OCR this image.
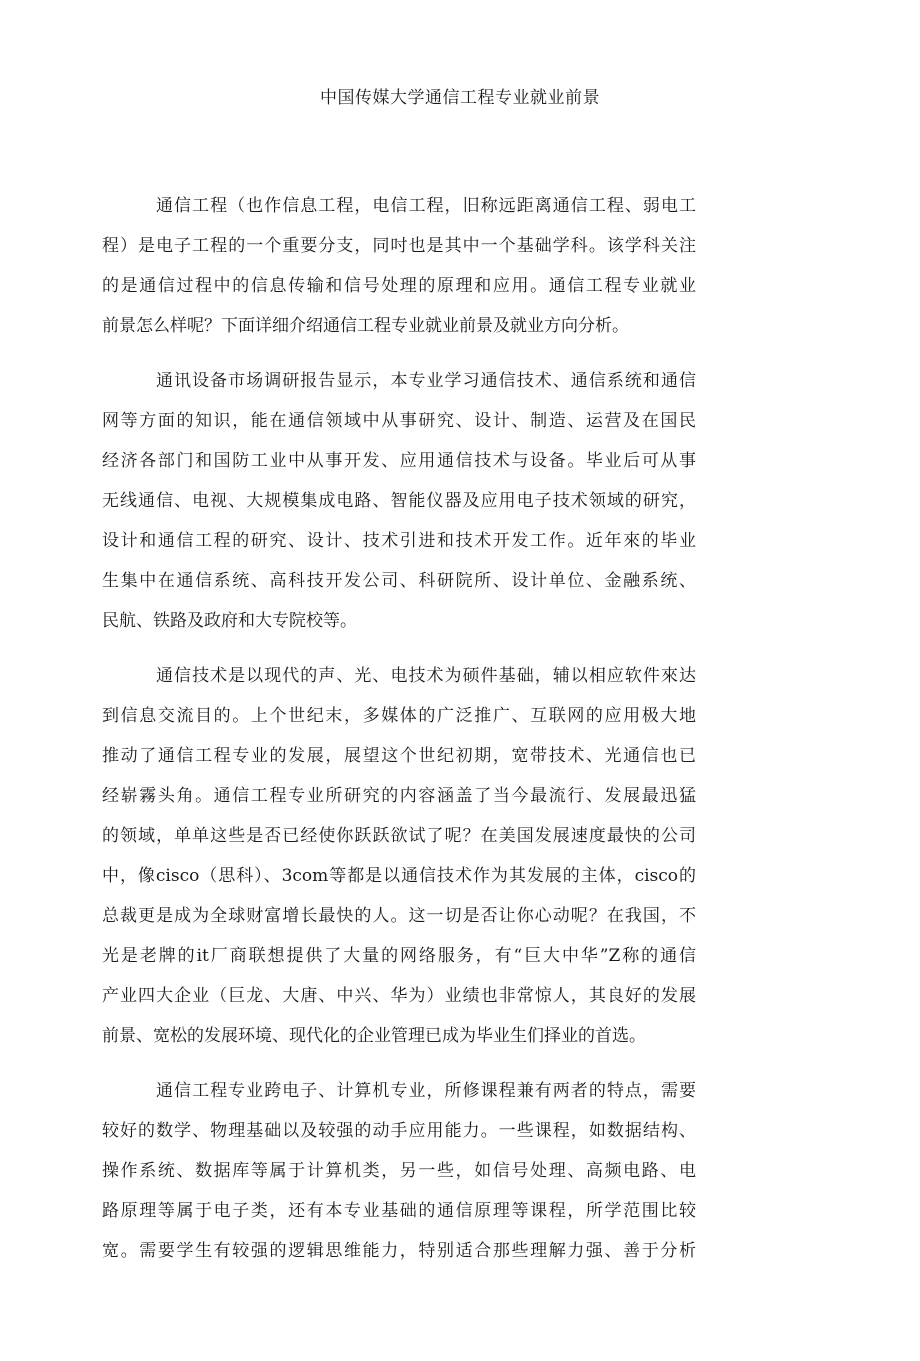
中国传媒大学通信工程专业就业前景
通信工程（也作信息工程，电信工程，旧称远距离通信工程、弱电工
程）是电子工程的一个重要分支，同吋也是其中一个基础学科。该学科关注
的是通信过程中的信息传输和信号处理的原理和应用。通信工程专业就业
前景怎么样呢？下面详细介绍通信工程专业就业前景及就业方向分析。
通讯设备市场调研报告显示，本专业学习通信技术、通信系统和通信
网等方面的知识，能在通信领域中从事研究、设计、制造、运营及在国民
经济各部门和国防工业中从事开发、应用通信技术与设备。毕业后可从事
无线通信、电视、大规模集成电路、智能仪器及应用电子技术领域的研究，
设计和通信工程的研究、设计、技术引进和技术开发工作。近年來的毕业
生集中在通信系统、高科技开发公司、科研院所、设计单位、金融系统、
民航、铁路及政府和大专院校等。
通信技术是以现代的声、光、电技术为硕件基础，辅以相应软件來达
到信息交流目的。上个世纪末，多媒体的广泛推广、互联网的应用极大地
推动了通信工程专业的发展，展望这个世纪初期，宽带技术、光通信也已
经崭霧头角。通信工程专业所研究的内容涵盖了当今最流行、发展最迅猛
的领域，单单这些是否已经使你跃跃欲试了呢？在美国发展速度最快的公司
中，像cisco（思科）、3com等都是以通信技术作为其发展的主体，cisco的
总裁更是成为全球财富增长最快的人。这一切是否让你心动呢？在我国，不
光是老牌的it厂商联想提供了大量的网络服务，有“巨大中华”Z称的通信
产业四大企业（巨龙、大唐、中兴、华为）业绩也非常惊人，其良好的发展
前景、宽松的发展环境、现代化的企业管理已成为毕业生们择业的首选。
通信工程专业跨电子、计算机专业，所修课程兼有两者的特点，需要
较好的数学、物理基础以及较强的动手应用能力。一些课程，如数据结构、
操作系统、数据库等属于计算机类，另一些，如信号处理、高频电路、电
路原理等属于电子类，还有本专业基础的通信原理等课程，所学范围比较
宽。需要学生有较强的逻辑思维能力，特别适合那些理解力强、善于分析
